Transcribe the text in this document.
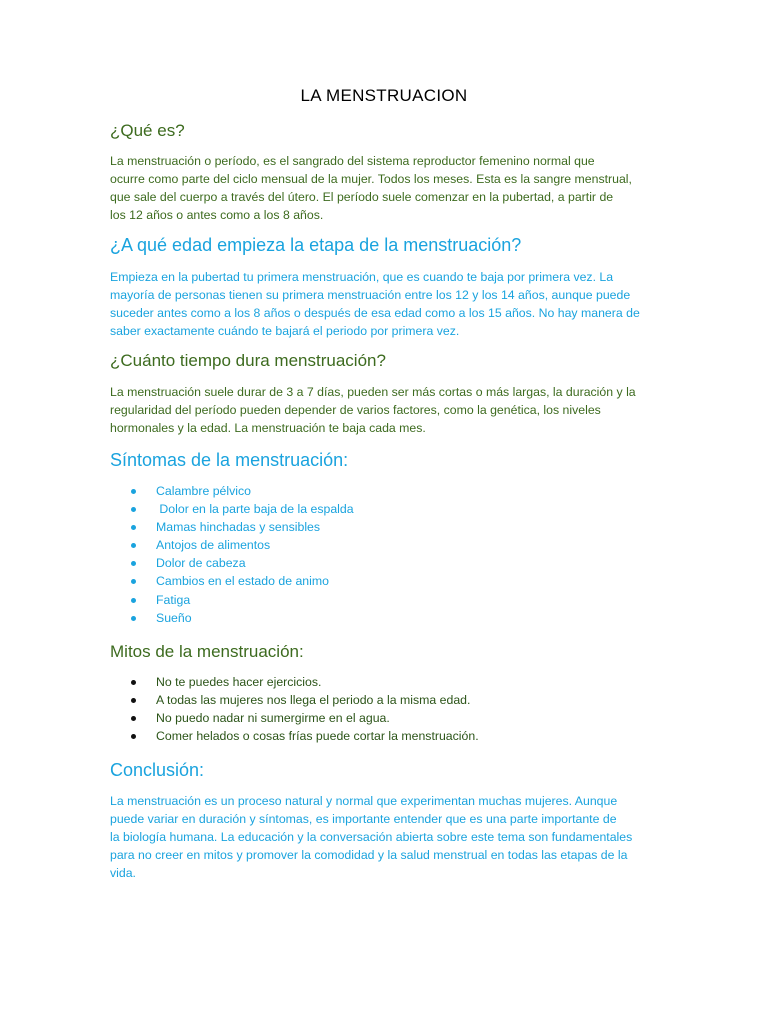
LA MENSTRUACION
¿Qué es?
La menstruación o período, es el sangrado del sistema reproductor femenino normal que
ocurre como parte del ciclo mensual de la mujer. Todos los meses. Esta es la sangre menstrual,
que sale del cuerpo a través del útero. El período suele comenzar en la pubertad, a partir de
los 12 años o antes como a los 8 años.
¿A qué edad empieza la etapa de la menstruación?
Empieza en la pubertad tu primera menstruación, que es cuando te baja por primera vez. La
mayoría de personas tienen su primera menstruación entre los 12 y los 14 años, aunque puede
suceder antes como a los 8 años o después de esa edad como a los 15 años. No hay manera de
saber exactamente cuándo te bajará el periodo por primera vez.
¿Cuánto tiempo dura menstruación?
La menstruación suele durar de 3 a 7 días, pueden ser más cortas o más largas, la duración y la
regularidad del período pueden depender de varios factores, como la genética, los niveles
hormonales y la edad. La menstruación te baja cada mes.
Síntomas de la menstruación:
Calambre pélvico
Dolor en la parte baja de la espalda
Mamas hinchadas y sensibles
Antojos de alimentos
Dolor de cabeza
Cambios en el estado de animo
Fatiga
Sueño
Mitos de la menstruación:
No te puedes hacer ejercicios.
A todas las mujeres nos llega el periodo a la misma edad.
No puedo nadar ni sumergirme en el agua.
Comer helados o cosas frías puede cortar la menstruación.
Conclusión:
La menstruación es un proceso natural y normal que experimentan muchas mujeres. Aunque
puede variar en duración y síntomas, es importante entender que es una parte importante de
la biología humana. La educación y la conversación abierta sobre este tema son fundamentales
para no creer en mitos y promover la comodidad y la salud menstrual en todas las etapas de la
vida.
